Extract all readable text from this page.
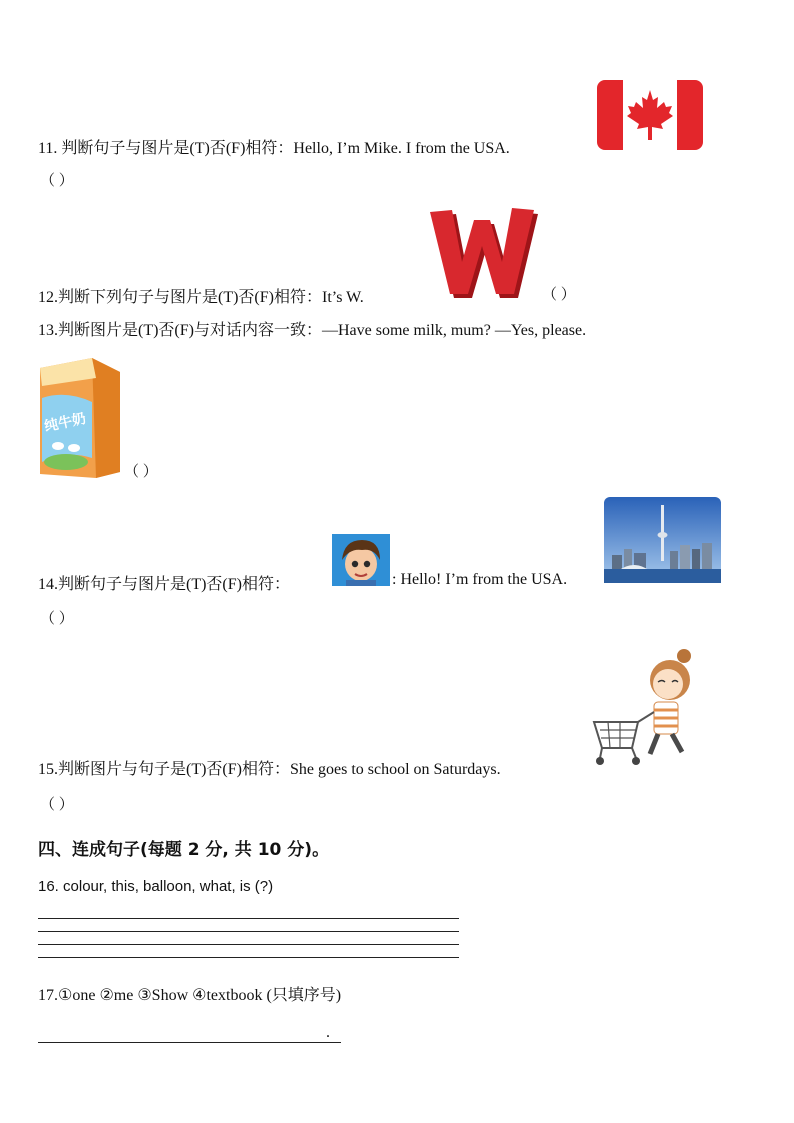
11. 判断句子与图片是(T)否(F)相符：Hello, I’m Mike. I from the USA.
（ ）
12.判断下列句子与图片是(T)否(F)相符：It’s W.	（ ）
13.判断图片是(T)否(F)与对话内容一致：—Have some milk, mum? —Yes, please.
纯牛奶
（ ）
14.判断句子与图片是(T)否(F)相符：	: Hello! I’m from the USA.
（ ）
15.判断图片与句子是(T)否(F)相符：She goes to school on Saturdays.
（ ）
四、连成句子(每题 2 分, 共 10 分)。
16. colour, this, balloon, what, is (?)
17.①one ②me ③Show ④textbook (只填序号)
.
